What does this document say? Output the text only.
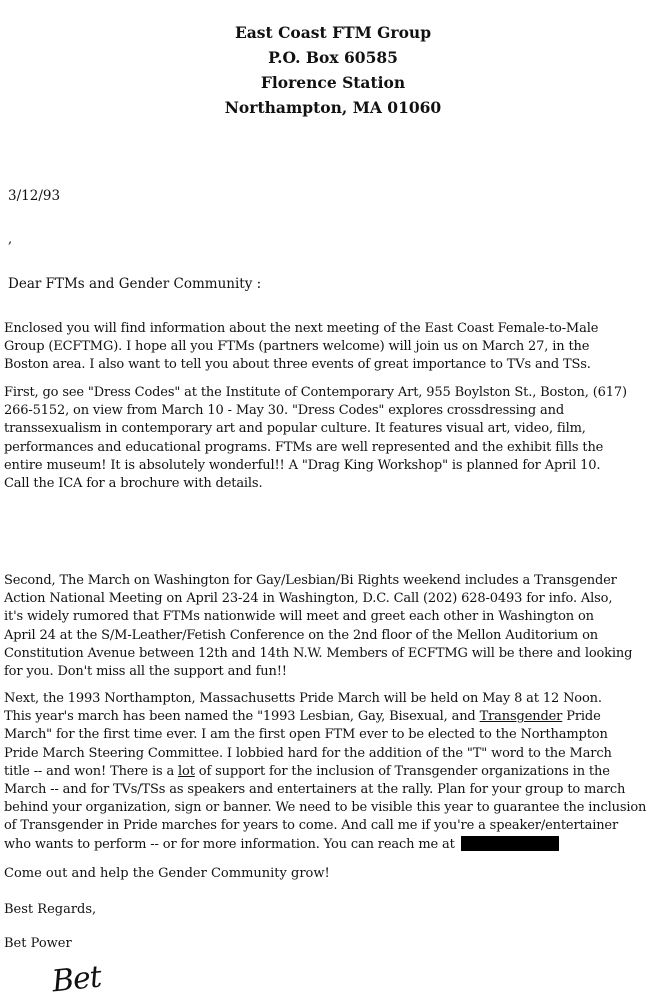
East Coast FTM Group
P.O. Box 60585
Florence Station
Northampton, MA 01060
3/12/93
,
Dear FTMs and Gender Community :
Enclosed you will find information about the next meeting of the East Coast Female-to-Male
Group (ECFTMG). I hope all you FTMs (partners welcome) will join us on March 27, in the
Boston area. I also want to tell you about three events of great importance to TVs and TSs.
First, go see "Dress Codes" at the Institute of Contemporary Art, 955 Boylston St., Boston, (617)
266-5152, on view from March 10 - May 30. "Dress Codes" explores crossdressing and
transsexualism in contemporary art and popular culture. It features visual art, video, film,
performances and educational programs. FTMs are well represented and the exhibit fills the
entire museum! It is absolutely wonderful!! A "Drag King Workshop" is planned for April 10.
Call the ICA for a brochure with details.
Second, The March on Washington for Gay/Lesbian/Bi Rights weekend includes a Transgender
Action National Meeting on April 23-24 in Washington, D.C. Call (202) 628-0493 for info. Also,
it's widely rumored that FTMs nationwide will meet and greet each other in Washington on
April 24 at the S/M-Leather/Fetish Conference on the 2nd floor of the Mellon Auditorium on
Constitution Avenue between 12th and 14th N.W. Members of ECFTMG will be there and looking
for you. Don't miss all the support and fun!!
Next, the 1993 Northampton, Massachusetts Pride March will be held on May 8 at 12 Noon.
This year's march has been named the "1993 Lesbian, Gay, Bisexual, and Transgender Pride
March" for the first time ever. I am the first open FTM ever to be elected to the Northampton
Pride March Steering Committee. I lobbied hard for the addition of the "T" word to the March
title -- and won! There is a lot of support for the inclusion of Transgender organizations in the
March -- and for TVs/TSs as speakers and entertainers at the rally. Plan for your group to march
behind your organization, sign or banner. We need to be visible this year to guarantee the inclusion
of Transgender in Pride marches for years to come. And call me if you're a speaker/entertainer
who wants to perform -- or for more information. You can reach me at
Come out and help the Gender Community grow!
Best Regards,
Bet Power
Bet
